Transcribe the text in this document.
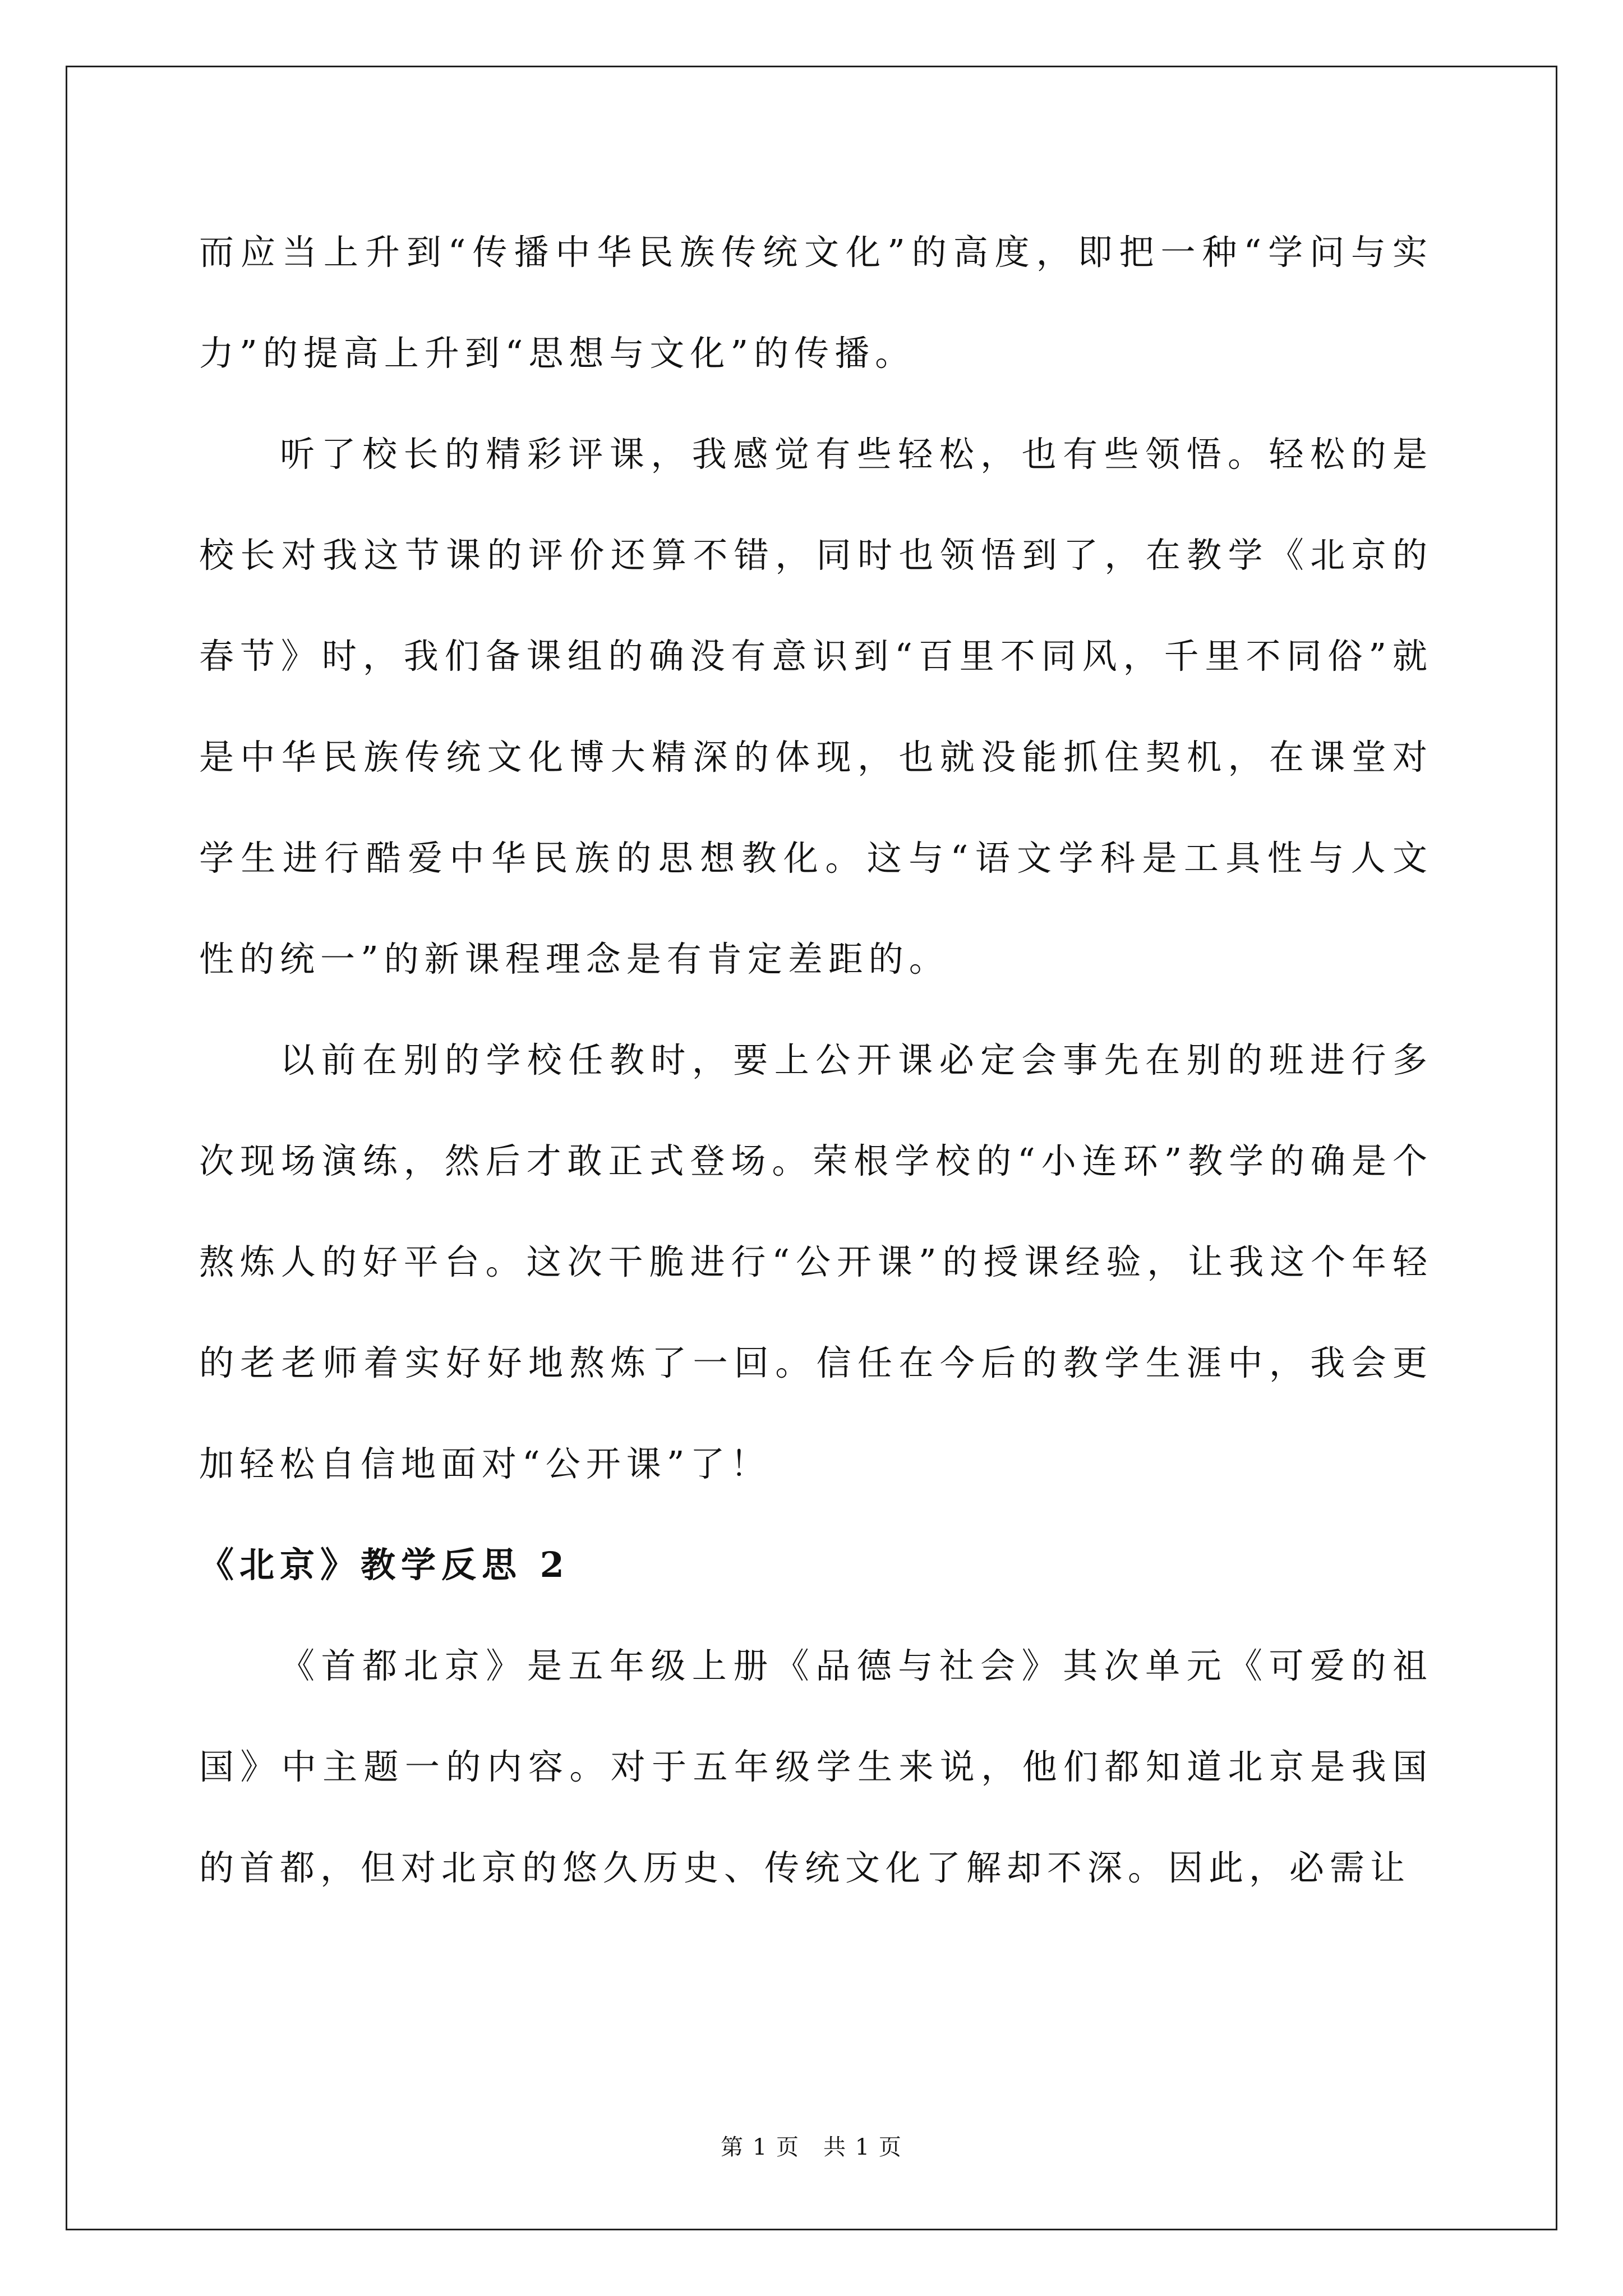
而应当上升到“传播中华民族传统文化”的高度，即把一种“学问与实力”的提高上升到“思想与文化”的传播。

听了校长的精彩评课，我感觉有些轻松，也有些领悟。轻松的是校长对我这节课的评价还算不错，同时也领悟到了，在教学《北京的春节》时，我们备课组的确没有意识到“百里不同风，千里不同俗”就是中华民族传统文化博大精深的体现，也就没能抓住契机，在课堂对学生进行酷爱中华民族的思想教化。这与“语文学科是工具性与人文性的统一”的新课程理念是有肯定差距的。

以前在别的学校任教时，要上公开课必定会事先在别的班进行多次现场演练，然后才敢正式登场。荣根学校的“小连环”教学的确是个熬炼人的好平台。这次干脆进行“公开课”的授课经验，让我这个年轻的老老师着实好好地熬炼了一回。信任在今后的教学生涯中，我会更加轻松自信地面对“公开课”了！

《北京》教学反思 2

《首都北京》是五年级上册《品德与社会》其次单元《可爱的祖国》中主题一的内容。对于五年级学生来说，他们都知道北京是我国的首都，但对北京的悠久历史、传统文化了解却不深。因此，必需让

第 1 页　共 1 页
